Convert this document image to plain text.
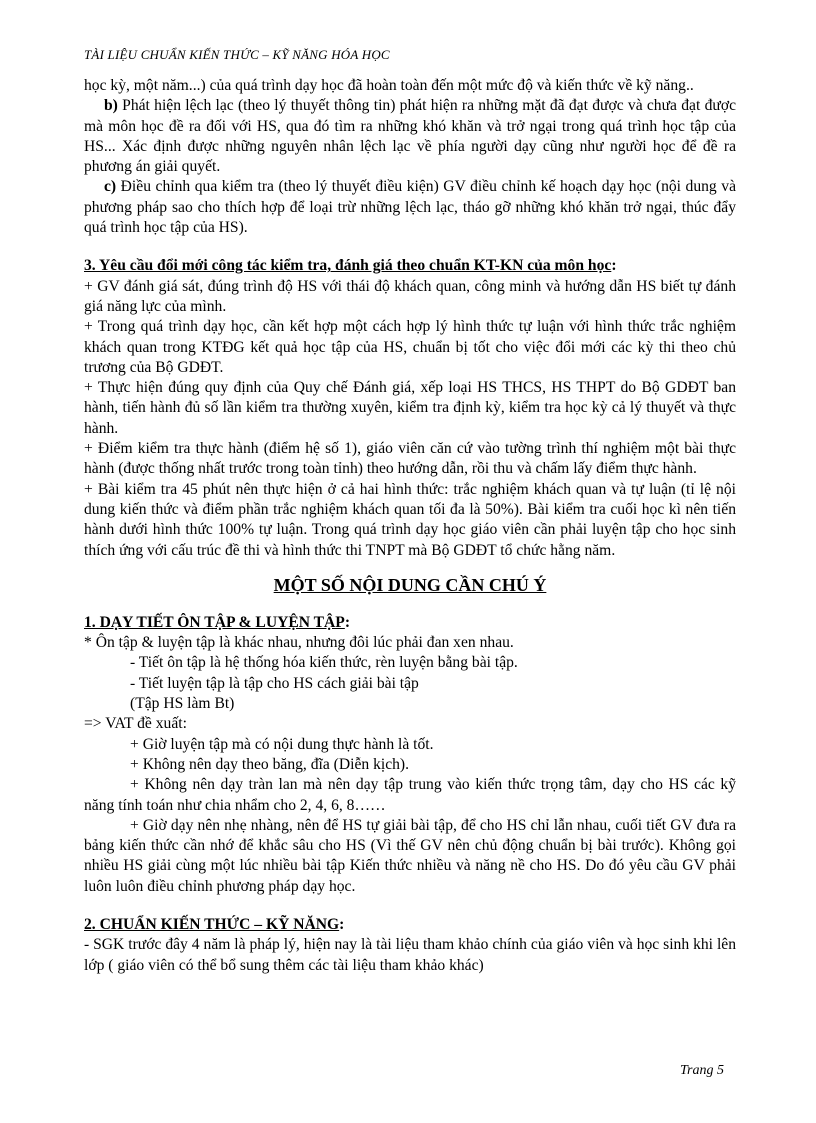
TÀI LIỆU CHUẨN KIẾN THỨC – KỸ NĂNG HÓA HỌC

học kỳ, một năm...) của quá trình dạy học đã hoàn toàn đến một mức độ và kiến thức về kỹ năng..

b) Phát hiện lệch lạc (theo lý thuyết thông tin) phát hiện ra những mặt đã đạt được và chưa đạt được mà môn học đề ra đối với HS, qua đó tìm ra những khó khăn và trở ngại trong quá trình học tập của HS... Xác định được những nguyên nhân lệch lạc về phía người dạy cũng như người học để đề ra phương án giải quyết.

c) Điều chỉnh qua kiểm tra (theo lý thuyết điều kiện) GV điều chỉnh kế hoạch dạy học (nội dung và phương pháp sao cho thích hợp để loại trừ những lệch lạc, tháo gỡ những khó khăn trở ngại, thúc đẩy quá trình học tập của HS).

3. Yêu cầu đổi mới công tác kiểm tra, đánh giá theo chuẩn KT-KN của môn học:

+ GV đánh giá sát, đúng trình độ HS với thái độ khách quan, công minh và hướng dẫn HS biết tự đánh giá năng lực của mình.

+ Trong quá trình dạy học, cần kết hợp một cách hợp lý hình thức tự luận với hình thức trắc nghiệm khách quan trong KTĐG kết quả học tập của HS, chuẩn bị tốt cho việc đổi mới các kỳ thi theo chủ trương của Bộ GDĐT.

+ Thực hiện đúng quy định của Quy chế Đánh giá, xếp loại HS THCS, HS THPT do Bộ GDĐT ban hành, tiến hành đủ số lần kiểm tra thường xuyên, kiểm tra định kỳ, kiểm tra học kỳ cả lý thuyết và thực hành.

+ Điểm kiểm tra thực hành (điểm hệ số 1), giáo viên căn cứ vào tường trình thí nghiệm một bài thực hành (được thống nhất trước trong toàn tỉnh) theo hướng dẫn, rồi thu và chấm lấy điểm thực hành.

+ Bài kiểm tra 45 phút nên thực hiện ở cả hai hình thức: trắc nghiệm khách quan và tự luận (tỉ lệ nội dung kiến thức và điểm phần trắc nghiệm khách quan tối đa là 50%). Bài kiểm tra cuối học kì nên tiến hành dưới hình thức 100% tự luận. Trong quá trình dạy học giáo viên cần phải luyện tập cho học sinh thích ứng với cấu trúc đề thi và hình thức thi TNPT mà Bộ GDĐT tổ chức hằng năm.

MỘT SỐ NỘI DUNG CẦN CHÚ Ý

1. DẠY TIẾT ÔN TẬP & LUYỆN TẬP:

* Ôn tập & luyện tập là khác nhau, nhưng đôi lúc phải đan xen nhau.

- Tiết ôn tập là hệ thống hóa kiến thức, rèn luyện bằng bài tập.

- Tiết luyện tập là tập cho HS cách giải bài tập

(Tập HS làm Bt)

=> VAT đề xuất:

+ Giờ luyện tập mà có nội dung thực hành là tốt.

+ Không nên dạy theo băng, đĩa (Diễn kịch).

+ Không nên dạy tràn lan mà nên dạy tập trung vào kiến thức trọng tâm, dạy cho HS các kỹ năng tính toán như chia nhẩm cho 2, 4, 6, 8……

+ Giờ dạy nên nhẹ nhàng, nên để HS tự giải bài tập, để cho HS chỉ lẫn nhau, cuối tiết GV đưa ra bảng kiến thức cần nhớ để khắc sâu cho HS (Vì thế GV nên chủ động chuẩn bị bài trước). Không gọi nhiều HS giải cùng một lúc nhiều bài tập Kiến thức nhiều và năng nề cho HS. Do đó yêu cầu GV phải luôn luôn điều chỉnh phương pháp dạy học.

2. CHUẨN KIẾN THỨC – KỸ NĂNG:

- SGK trước đây 4 năm là pháp lý, hiện nay là tài liệu tham khảo chính của giáo viên và học sinh khi lên lớp ( giáo viên có thể bổ sung thêm các tài liệu tham khảo khác)

Trang 5
